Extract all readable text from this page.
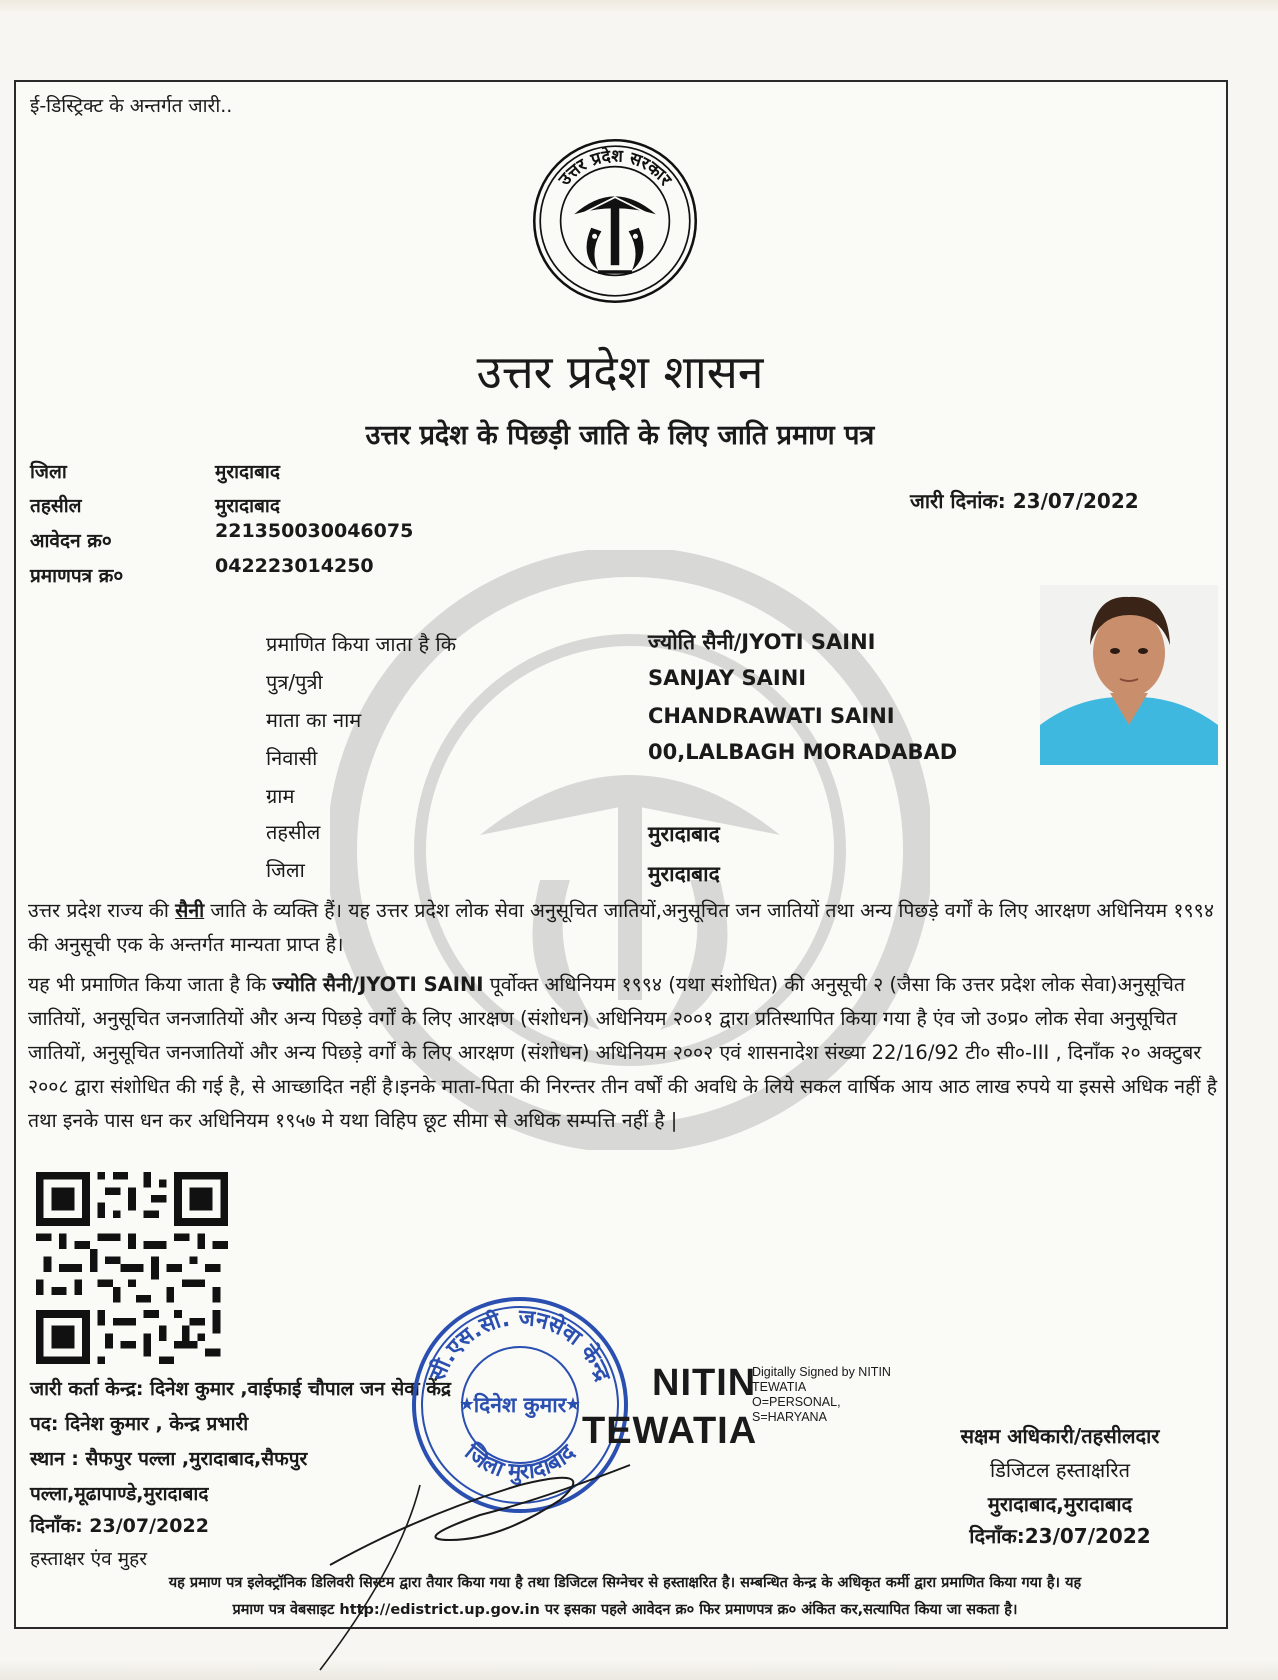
ई-डिस्ट्रिक्ट के अन्तर्गत जारी..
उत्तर प्रदेश सरकार
उत्तर प्रदेश शासन
उत्तर प्रदेश के पिछड़ी जाति के लिए जाति प्रमाण पत्र
जिला	मुरादाबाद
तहसील	मुरादाबाद
आवेदन क्र०	221350030046075
प्रमाणपत्र क्र०	042223014250
जारी दिनांक: 23/07/2022
प्रमाणित किया जाता है कि	ज्योति सैनी/JYOTI SAINI
पुत्र/पुत्री	SANJAY SAINI
माता का नाम	CHANDRAWATI SAINI
निवासी	00,LALBAGH MORADABAD
ग्राम
तहसील	मुरादाबाद
जिला	मुरादाबाद
उत्तर प्रदेश राज्य की सैनी जाति के व्यक्ति हैं। यह उत्तर प्रदेश लोक सेवा अनुसूचित जातियों,अनुसूचित जन जातियों तथा अन्य पिछड़े वर्गों के लिए आरक्षण अधिनियम १९९४ की अनुसूची एक के अन्तर्गत मान्यता प्राप्त है।
यह भी प्रमाणित किया जाता है कि ज्योति सैनी/JYOTI SAINI पूर्वोक्त अधिनियम १९९४ (यथा संशोधित) की अनुसूची २ (जैसा कि उत्तर प्रदेश लोक सेवा)अनुसूचित जातियों, अनुसूचित जनजातियों और अन्य पिछड़े वर्गों के लिए आरक्षण (संशोधन) अधिनियम २००१ द्वारा प्रतिस्थापित किया गया है एंव जो उ०प्र० लोक सेवा अनुसूचित जातियों, अनुसूचित जनजातियों और अन्य पिछड़े वर्गों के लिए आरक्षण (संशोधन) अधिनियम २००२ एवं शासनादेश संख्या 22/16/92 टी० सी०-III , दिनाँक २० अक्टुबर २००८ द्वारा संशोधित की गई है, से आच्छादित नहीं है।इनके माता-पिता की निरन्तर तीन वर्षों की अवधि के लिये सकल वार्षिक आय आठ लाख रुपये या इससे अधिक नहीं है तथा इनके पास धन कर अधिनियम १९५७ मे यथा विहिप छूट सीमा से अधिक सम्पत्ति नहीं है |
जारी कर्ता केन्द्र: दिनेश कुमार ,वाईफाई चौपाल जन सेवा केंद्र
पद: दिनेश कुमार , केन्द्र प्रभारी
स्थान : सैफपुर पल्ला ,मुरादाबाद,सैफपुर
पल्ला,मूढापाण्डे,मुरादाबाद
दिनाँक: 23/07/2022
हस्ताक्षर एंव मुहर
सी.एस.सी. जनसेवा केन्द्र
जिला मुरादाबाद
दिनेश कुमार
★	★
NITIN
TEWATIA
Digitally Signed by NITIN
TEWATIA
O=PERSONAL,
S=HARYANA
सक्षम अधिकारी/तहसीलदार
डिजिटल हस्ताक्षरित
मुरादाबाद,मुरादाबाद
दिनाँक:23/07/2022
यह प्रमाण पत्र इलेक्ट्रॉनिक डिलिवरी सिस्टम द्वारा तैयार किया गया है तथा डिजिटल सिग्नेचर से हस्ताक्षरित है। सम्बन्धित केन्द्र के अधिकृत कर्मी द्वारा प्रमाणित किया गया है। यह
प्रमाण पत्र वेबसाइट http://edistrict.up.gov.in पर इसका पहले आवेदन क्र० फिर प्रमाणपत्र क्र० अंकित कर,सत्यापित किया जा सकता है।
